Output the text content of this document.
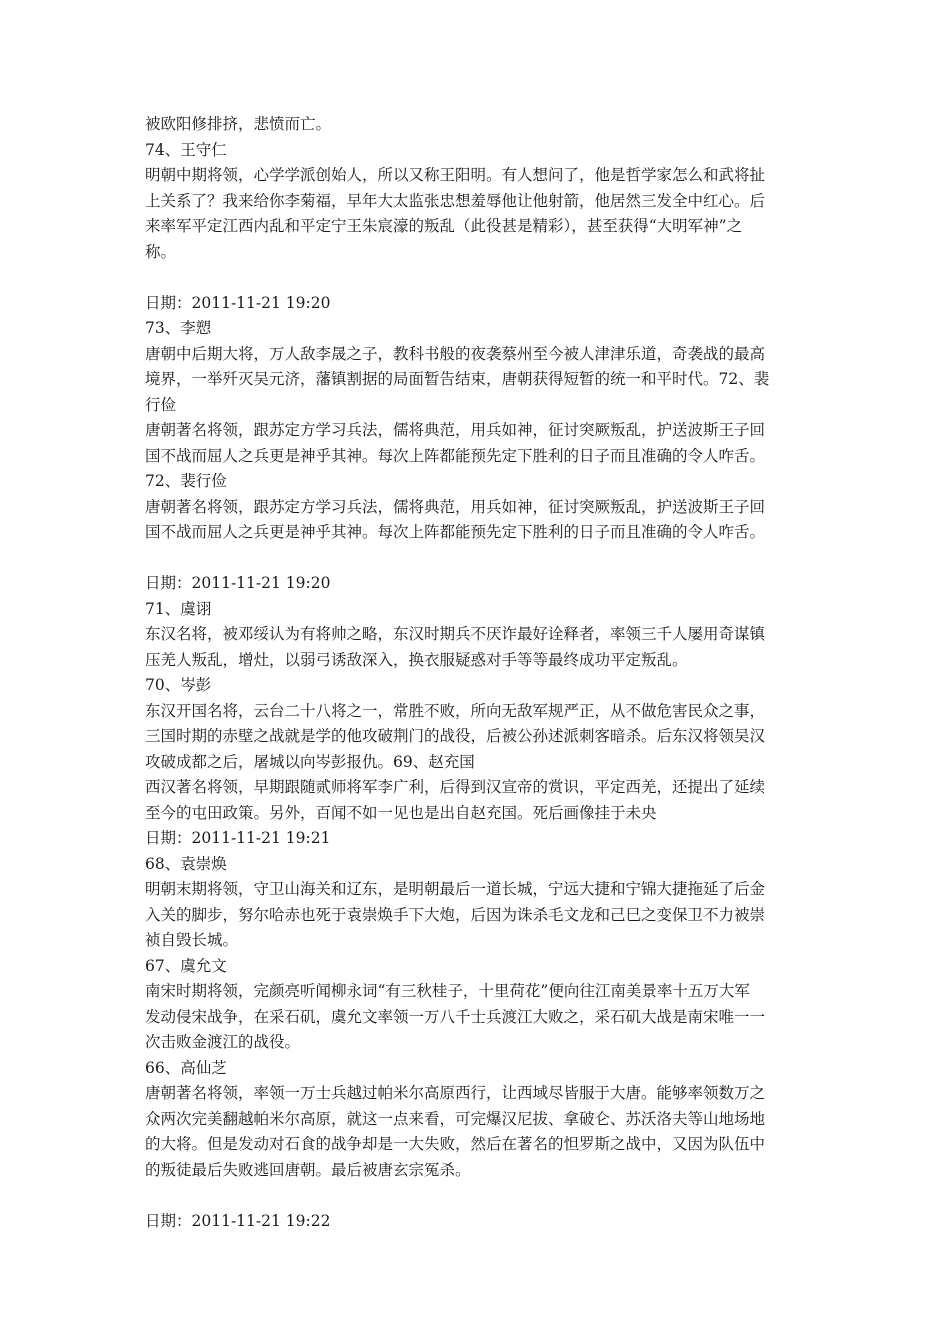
被欧阳修排挤，悲愤而亡。
74、王守仁
明朝中期将领，心学学派创始人，所以又称王阳明。有人想问了，他是哲学家怎么和武将扯
上关系了？我来给你李菊福，早年大太监张忠想羞辱他让他射箭，他居然三发全中红心。后
来率军平定江西内乱和平定宁王朱宸濠的叛乱（此役甚是精彩），甚至获得“大明军神”之
称。
日期：2011-11-21 19:20
73、李愬
唐朝中后期大将，万人敌李晟之子，教科书般的夜袭蔡州至今被人津津乐道，奇袭战的最高
境界，一举歼灭吴元济，藩镇割据的局面暂告结束，唐朝获得短暂的统一和平时代。72、裴
行俭
唐朝著名将领，跟苏定方学习兵法，儒将典范，用兵如神，征讨突厥叛乱，护送波斯王子回
国不战而屈人之兵更是神乎其神。每次上阵都能预先定下胜利的日子而且准确的令人咋舌。
72、裴行俭
唐朝著名将领，跟苏定方学习兵法，儒将典范，用兵如神，征讨突厥叛乱，护送波斯王子回
国不战而屈人之兵更是神乎其神。每次上阵都能预先定下胜利的日子而且准确的令人咋舌。
日期：2011-11-21 19:20
71、虞诩
东汉名将，被邓绥认为有将帅之略，东汉时期兵不厌诈最好诠释者，率领三千人屡用奇谋镇
压羌人叛乱，增灶，以弱弓诱敌深入，换衣服疑惑对手等等最终成功平定叛乱。
70、岑彭
东汉开国名将，云台二十八将之一，常胜不败，所向无敌军规严正，从不做危害民众之事，
三国时期的赤壁之战就是学的他攻破荆门的战役，后被公孙述派刺客暗杀。后东汉将领吴汉
攻破成都之后，屠城以向岑彭报仇。69、赵充国
西汉著名将领，早期跟随贰师将军李广利，后得到汉宣帝的赏识，平定西羌，还提出了延续
至今的屯田政策。另外，百闻不如一见也是出自赵充国。死后画像挂于未央
日期：2011-11-21 19:21
68、袁崇焕
明朝末期将领，守卫山海关和辽东，是明朝最后一道长城，宁远大捷和宁锦大捷拖延了后金
入关的脚步，努尔哈赤也死于袁崇焕手下大炮，后因为诛杀毛文龙和己巳之变保卫不力被崇
祯自毁长城。
67、虞允文
南宋时期将领，完颜亮听闻柳永词“有三秋桂子，十里荷花”便向往江南美景率十五万大军
发动侵宋战争，在采石矶，虞允文率领一万八千士兵渡江大败之，采石矶大战是南宋唯一一
次击败金渡江的战役。
66、高仙芝
唐朝著名将领，率领一万士兵越过帕米尔高原西行，让西域尽皆服于大唐。能够率领数万之
众两次完美翻越帕米尔高原，就这一点来看，可完爆汉尼拔、拿破仑、苏沃洛夫等山地场地
的大将。但是发动对石食的战争却是一大失败，然后在著名的怛罗斯之战中，又因为队伍中
的叛徒最后失败逃回唐朝。最后被唐玄宗冤杀。
日期：2011-11-21 19:22
